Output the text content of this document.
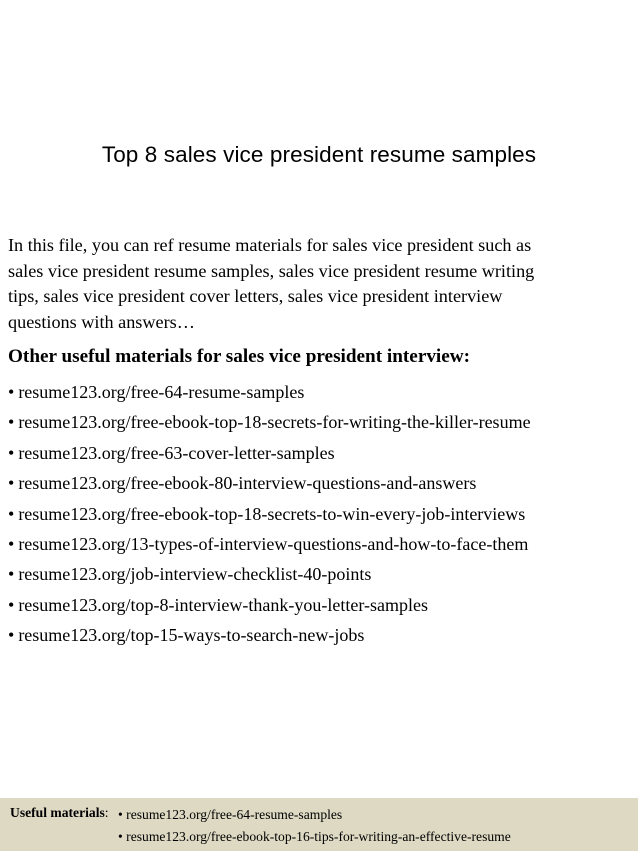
Top 8 sales vice president resume samples

In this file, you can ref resume materials for sales vice president such as
sales vice president resume samples, sales vice president resume writing
tips, sales vice president cover letters, sales vice president interview
questions with answers…

Other useful materials for sales vice president interview:
• resume123.org/free-64-resume-samples
• resume123.org/free-ebook-top-18-secrets-for-writing-the-killer-resume
• resume123.org/free-63-cover-letter-samples
• resume123.org/free-ebook-80-interview-questions-and-answers
• resume123.org/free-ebook-top-18-secrets-to-win-every-job-interviews
• resume123.org/13-types-of-interview-questions-and-how-to-face-them
• resume123.org/job-interview-checklist-40-points
• resume123.org/top-8-interview-thank-you-letter-samples
• resume123.org/top-15-ways-to-search-new-jobs
Useful materials: • resume123.org/free-64-resume-samples
• resume123.org/free-ebook-top-16-tips-for-writing-an-effective-resume
